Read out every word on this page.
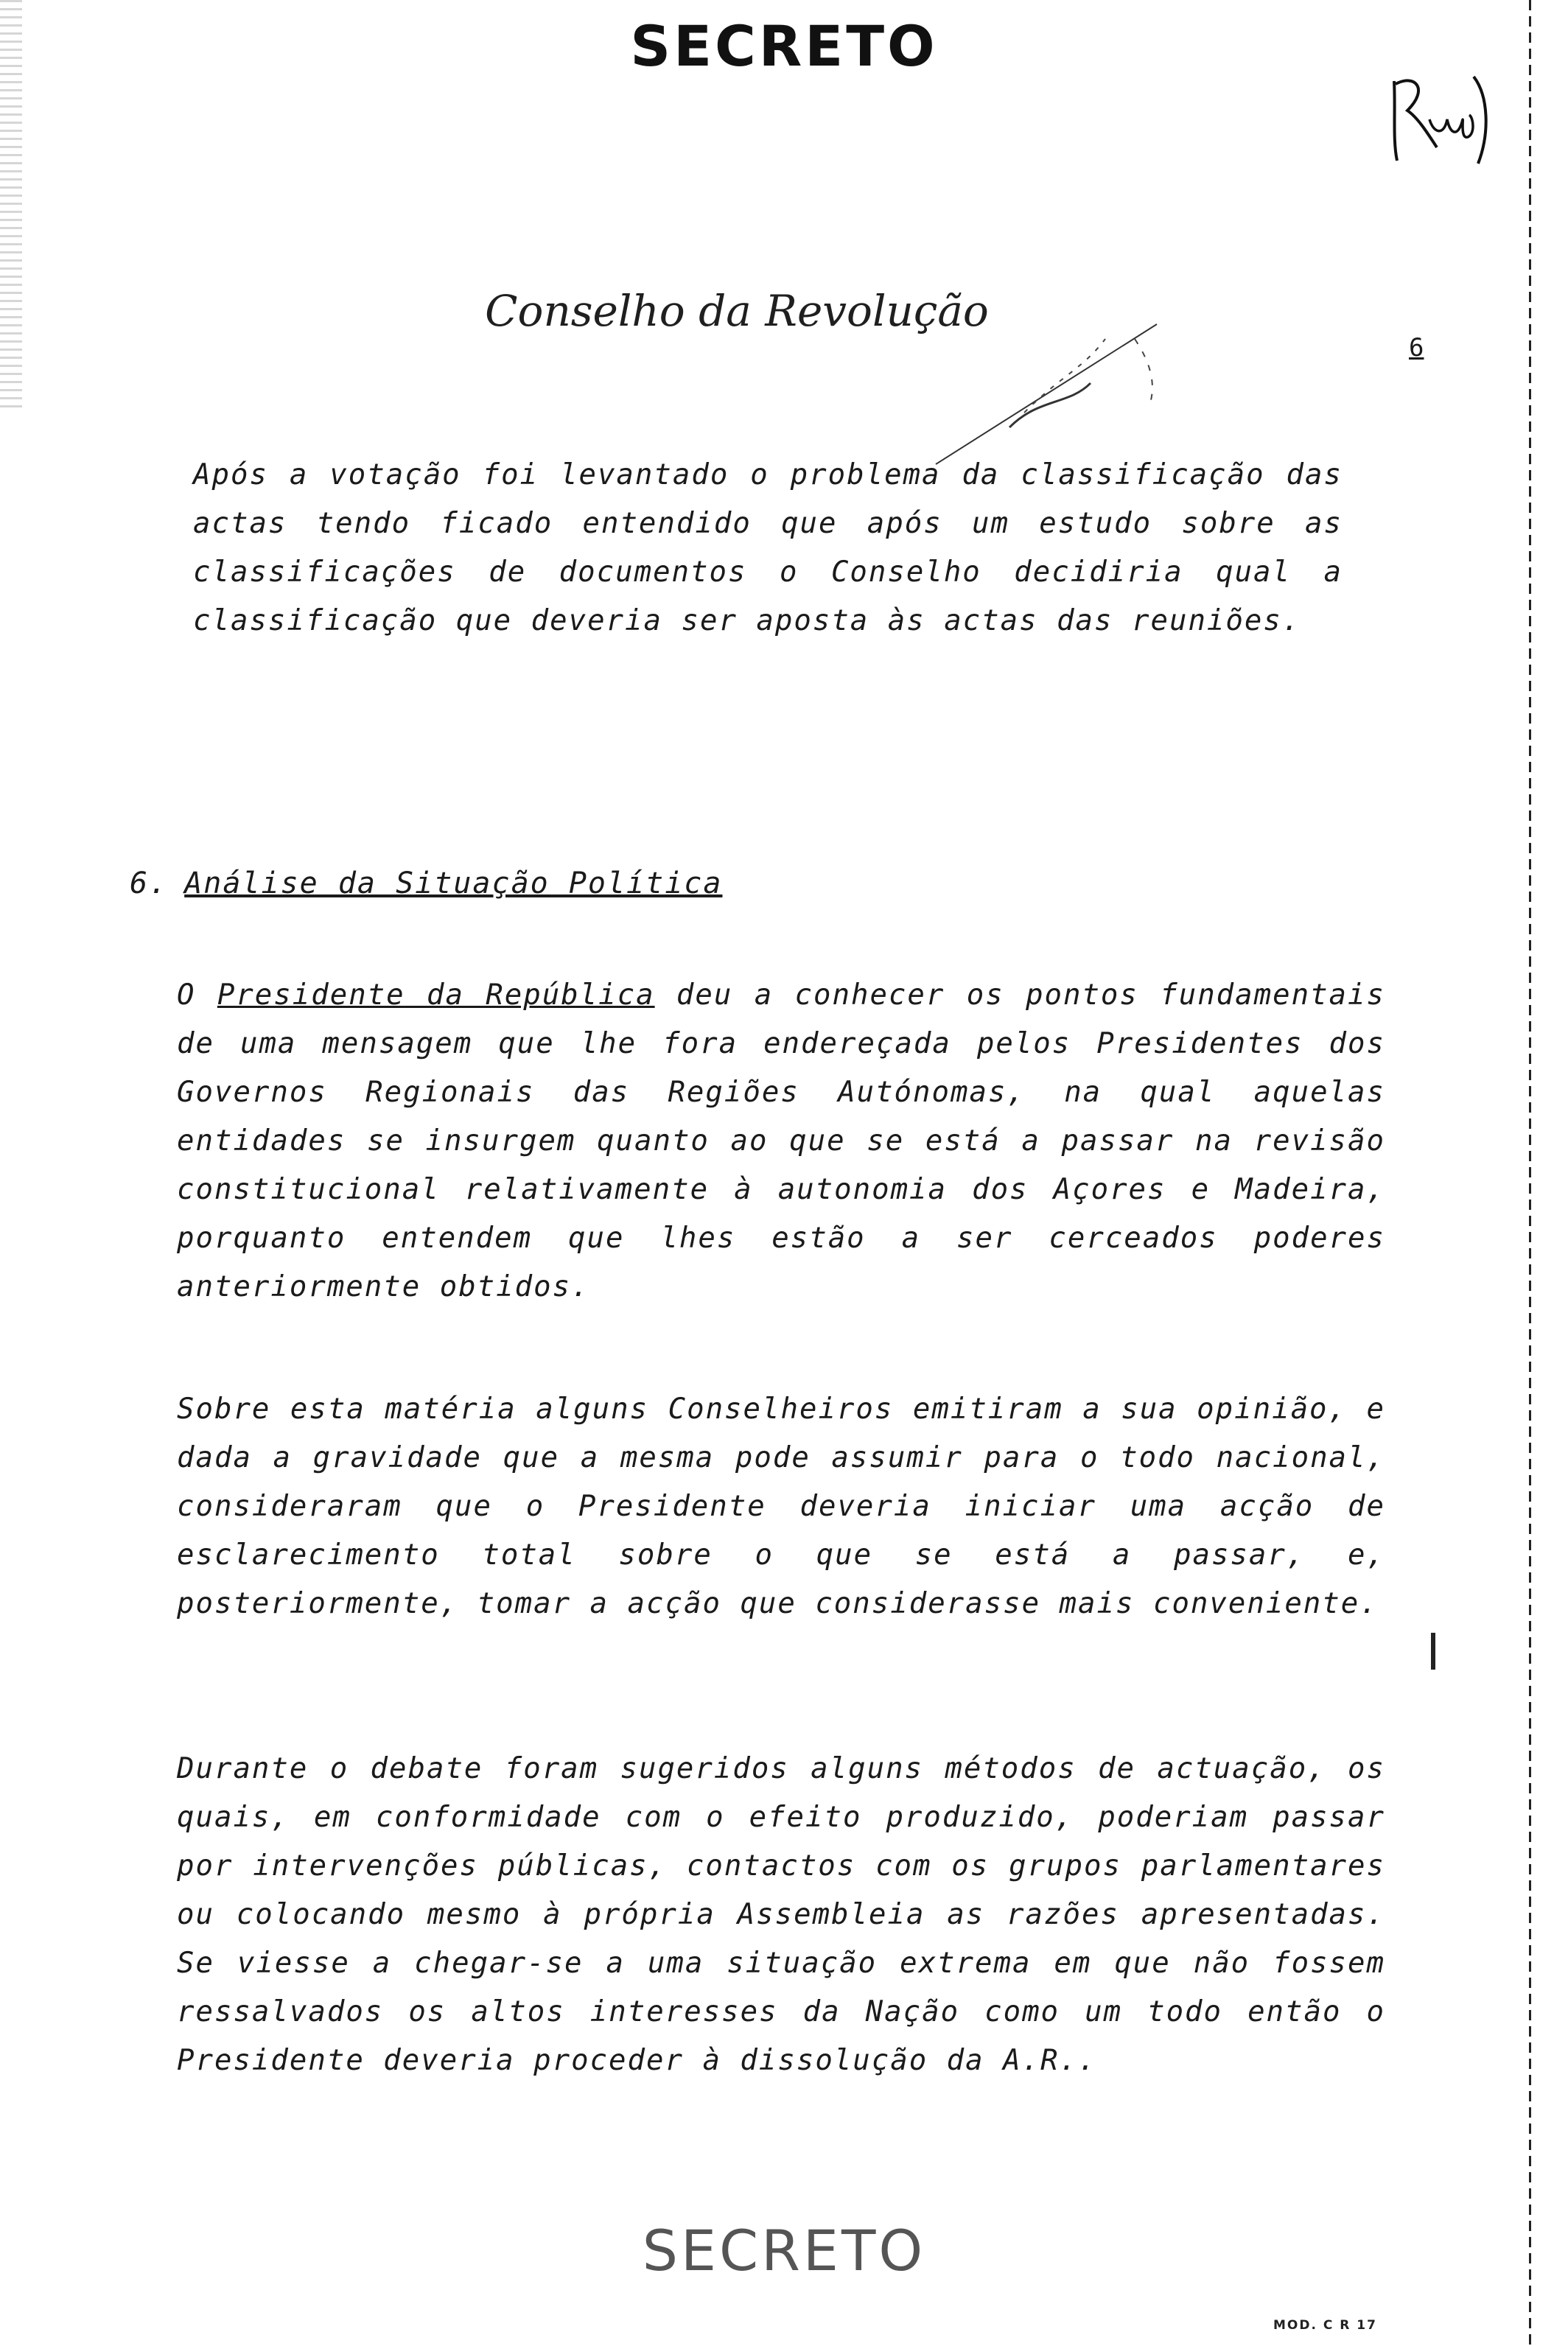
SECRETO
Conselho da Revolução
6

Após a votação foi levantado o problema da classificação das actas tendo ficado entendido que após um estudo sobre as classificações de documentos o Conselho decidiria qual a classificação que deveria ser aposta às actas das reuniões.

6. Análise da Situação Política

O Presidente da República deu a conhecer os pontos fundamentais de uma mensagem que lhe fora endereçada pelos Presidentes dos Governos Regionais das Regiões Autónomas, na qual aquelas entidades se insurgem quanto ao que se está a passar na revisão constitucional relativamente à autonomia dos Açores e Madeira, porquanto entendem que lhes estão a ser cerceados poderes anteriormente obtidos.

Sobre esta matéria alguns Conselheiros emitiram a sua opinião, e dada a gravidade que a mesma pode assumir para o todo nacional, consideraram que o Presidente deveria iniciar uma acção de esclarecimento total sobre o que se está a passar, e, posteriormente, tomar a acção que considerasse mais conveniente.

Durante o debate foram sugeridos alguns métodos de actuação, os quais, em conformidade com o efeito produzido, poderiam passar por intervenções públicas, contactos com os grupos parlamentares ou colocando mesmo à própria Assembleia as razões apresentadas. Se viesse a chegar-se a uma situação extrema em que não fossem ressalvados os altos interesses da Nação como um todo então o Presidente deveria proceder à dissolução da A.R..

SECRETO
MOD. C R 17
